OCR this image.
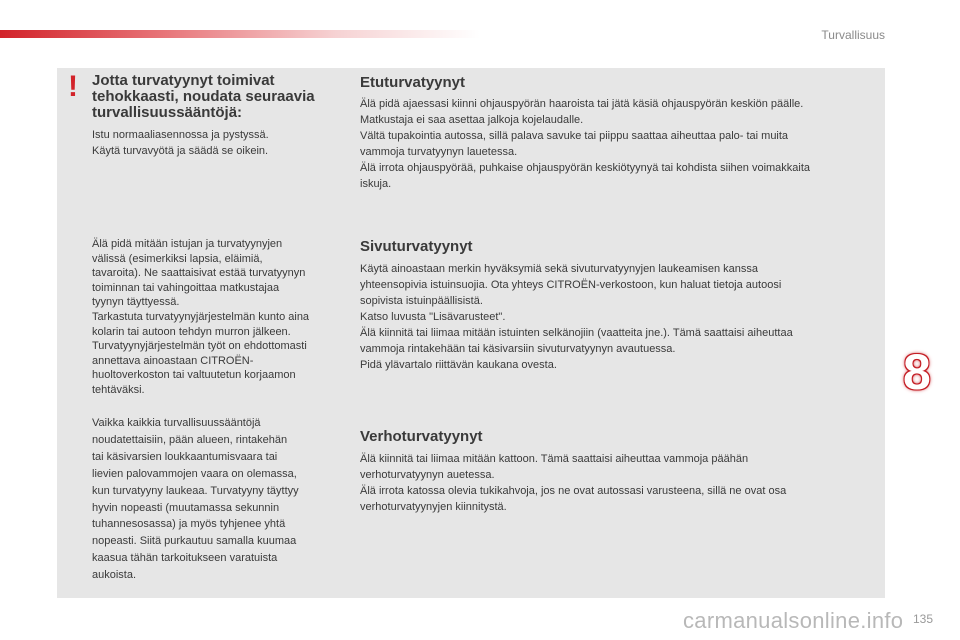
Turvallisuus
! Jotta turvatyynyt toimivat
tehokkaasti, noudata seuraavia
turvallisuussääntöjä:
Istu normaaliasennossa ja pystyssä.
Käytä turvavyötä ja säädä se oikein.
Älä pidä mitään istujan ja turvatyynyjen
välissä (esimerkiksi lapsia, eläimiä,
tavaroita). Ne saattaisivat estää turvatyynyn
toiminnan tai vahingoittaa matkustajaa
tyynyn täyttyessä.
Tarkastuta turvatyynyjärjestelmän kunto aina
kolarin tai autoon tehdyn murron jälkeen.
Turvatyynyjärjestelmän työt on ehdottomasti
annettava ainoastaan CITROËN-
huoltoverkoston tai valtuutetun korjaamon
tehtäväksi.
Vaikka kaikkia turvallisuussääntöjä
noudatettaisiin, pään alueen, rintakehän
tai käsivarsien loukkaantumisvaara tai
lievien palovammojen vaara on olemassa,
kun turvatyyny laukeaa. Turvatyyny täyttyy
hyvin nopeasti (muutamassa sekunnin
tuhannesosassa) ja myös tyhjenee yhtä
nopeasti. Siitä purkautuu samalla kuumaa
kaasua tähän tarkoitukseen varatuista
aukoista.
Etuturvatyynyt
Älä pidä ajaessasi kiinni ohjauspyörän haaroista tai jätä käsiä ohjauspyörän keskiön päälle.
Matkustaja ei saa asettaa jalkoja kojelaudalle.
Vältä tupakointia autossa, sillä palava savuke tai piippu saattaa aiheuttaa palo- tai muita
vammoja turvatyynyn lauetessa.
Älä irrota ohjauspyörää, puhkaise ohjauspyörän keskiötyynyä tai kohdista siihen voimakkaita
iskuja.
Sivuturvatyynyt
Käytä ainoastaan merkin hyväksymiä sekä sivuturvatyynyjen laukeamisen kanssa
yhteensopivia istuinsuojia. Ota yhteys CITROËN-verkostoon, kun haluat tietoja autoosi
sopivista istuinpäällisistä.
Katso luvusta "Lisävarusteet".
Älä kiinnitä tai liimaa mitään istuinten selkänojiin (vaatteita jne.). Tämä saattaisi aiheuttaa
vammoja rintakehään tai käsivarsiin sivuturvatyynyn avautuessa.
Pidä ylävartalo riittävän kaukana ovesta.
Verhoturvatyynyt
Älä kiinnitä tai liimaa mitään kattoon. Tämä saattaisi aiheuttaa vammoja päähän
verhoturvatyynyn auetessa.
Älä irrota katossa olevia tukikahvoja, jos ne ovat autossasi varusteena, sillä ne ovat osa
verhoturvatyynyjen kiinnitystä.
8
carmanualsonline.info 135
